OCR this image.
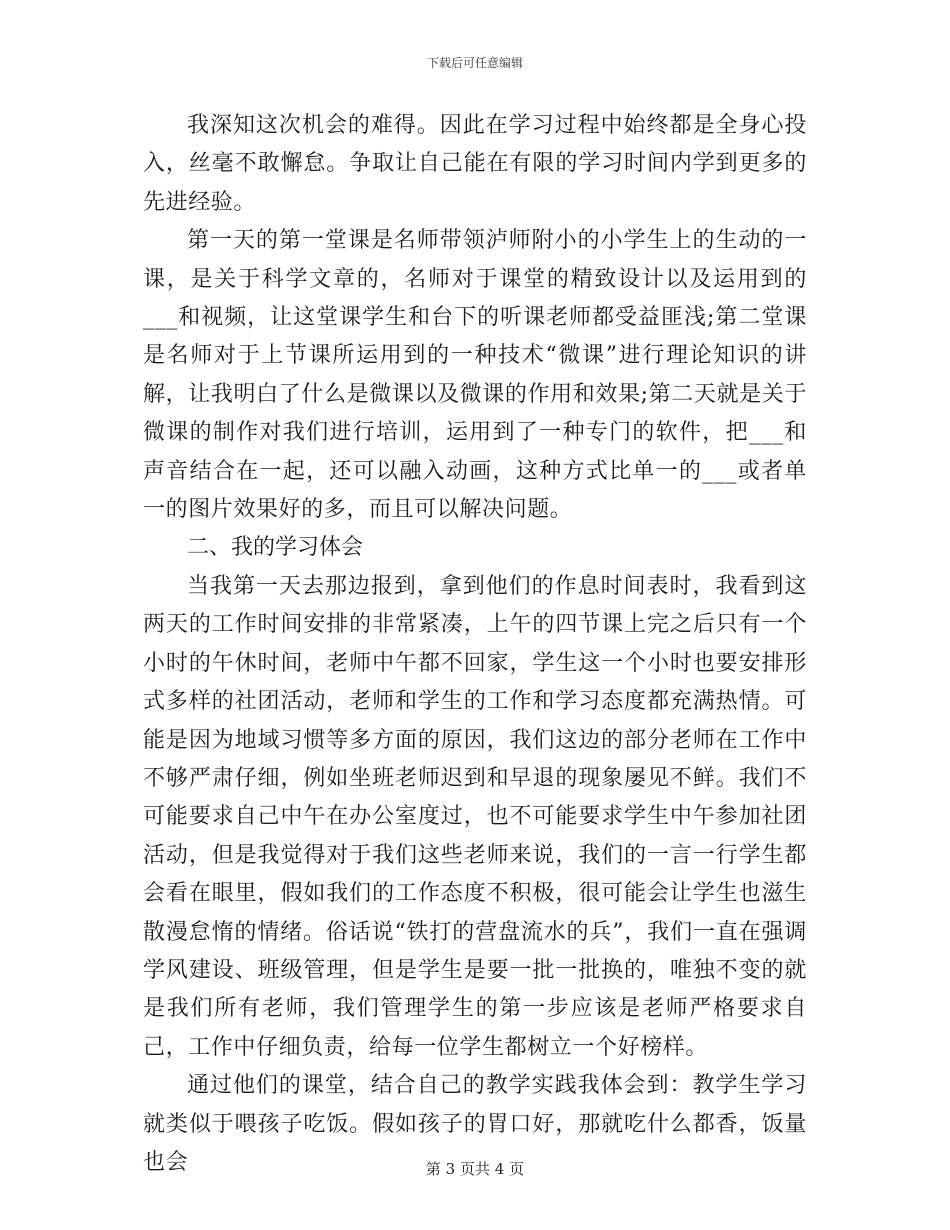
下载后可任意编辑

我深知这次机会的难得。因此在学习过程中始终都是全身心投入，丝毫不敢懈怠。争取让自己能在有限的学习时间内学到更多的先进经验。

第一天的第一堂课是名师带领泸师附小的小学生上的生动的一课，是关于科学文章的，名师对于课堂的精致设计以及运用到的___和视频，让这堂课学生和台下的听课老师都受益匪浅;第二堂课是名师对于上节课所运用到的一种技术“微课”进行理论知识的讲解，让我明白了什么是微课以及微课的作用和效果;第二天就是关于微课的制作对我们进行培训，运用到了一种专门的软件，把___和声音结合在一起，还可以融入动画，这种方式比单一的___或者单一的图片效果好的多，而且可以解决问题。

二、我的学习体会

当我第一天去那边报到，拿到他们的作息时间表时，我看到这两天的工作时间安排的非常紧凑，上午的四节课上完之后只有一个小时的午休时间，老师中午都不回家，学生这一个小时也要安排形式多样的社团活动，老师和学生的工作和学习态度都充满热情。可能是因为地域习惯等多方面的原因，我们这边的部分老师在工作中不够严肃仔细，例如坐班老师迟到和早退的现象屡见不鲜。我们不可能要求自己中午在办公室度过，也不可能要求学生中午参加社团活动，但是我觉得对于我们这些老师来说，我们的一言一行学生都会看在眼里，假如我们的工作态度不积极，很可能会让学生也滋生散漫怠惰的情绪。俗话说“铁打的营盘流水的兵”，我们一直在强调学风建设、班级管理，但是学生是要一批一批换的，唯独不变的就是我们所有老师，我们管理学生的第一步应该是老师严格要求自己，工作中仔细负责，给每一位学生都树立一个好榜样。

通过他们的课堂，结合自己的教学实践我体会到：教学生学习就类似于喂孩子吃饭。假如孩子的胃口好，那就吃什么都香，饭量也会	第 3 页共 4 页
